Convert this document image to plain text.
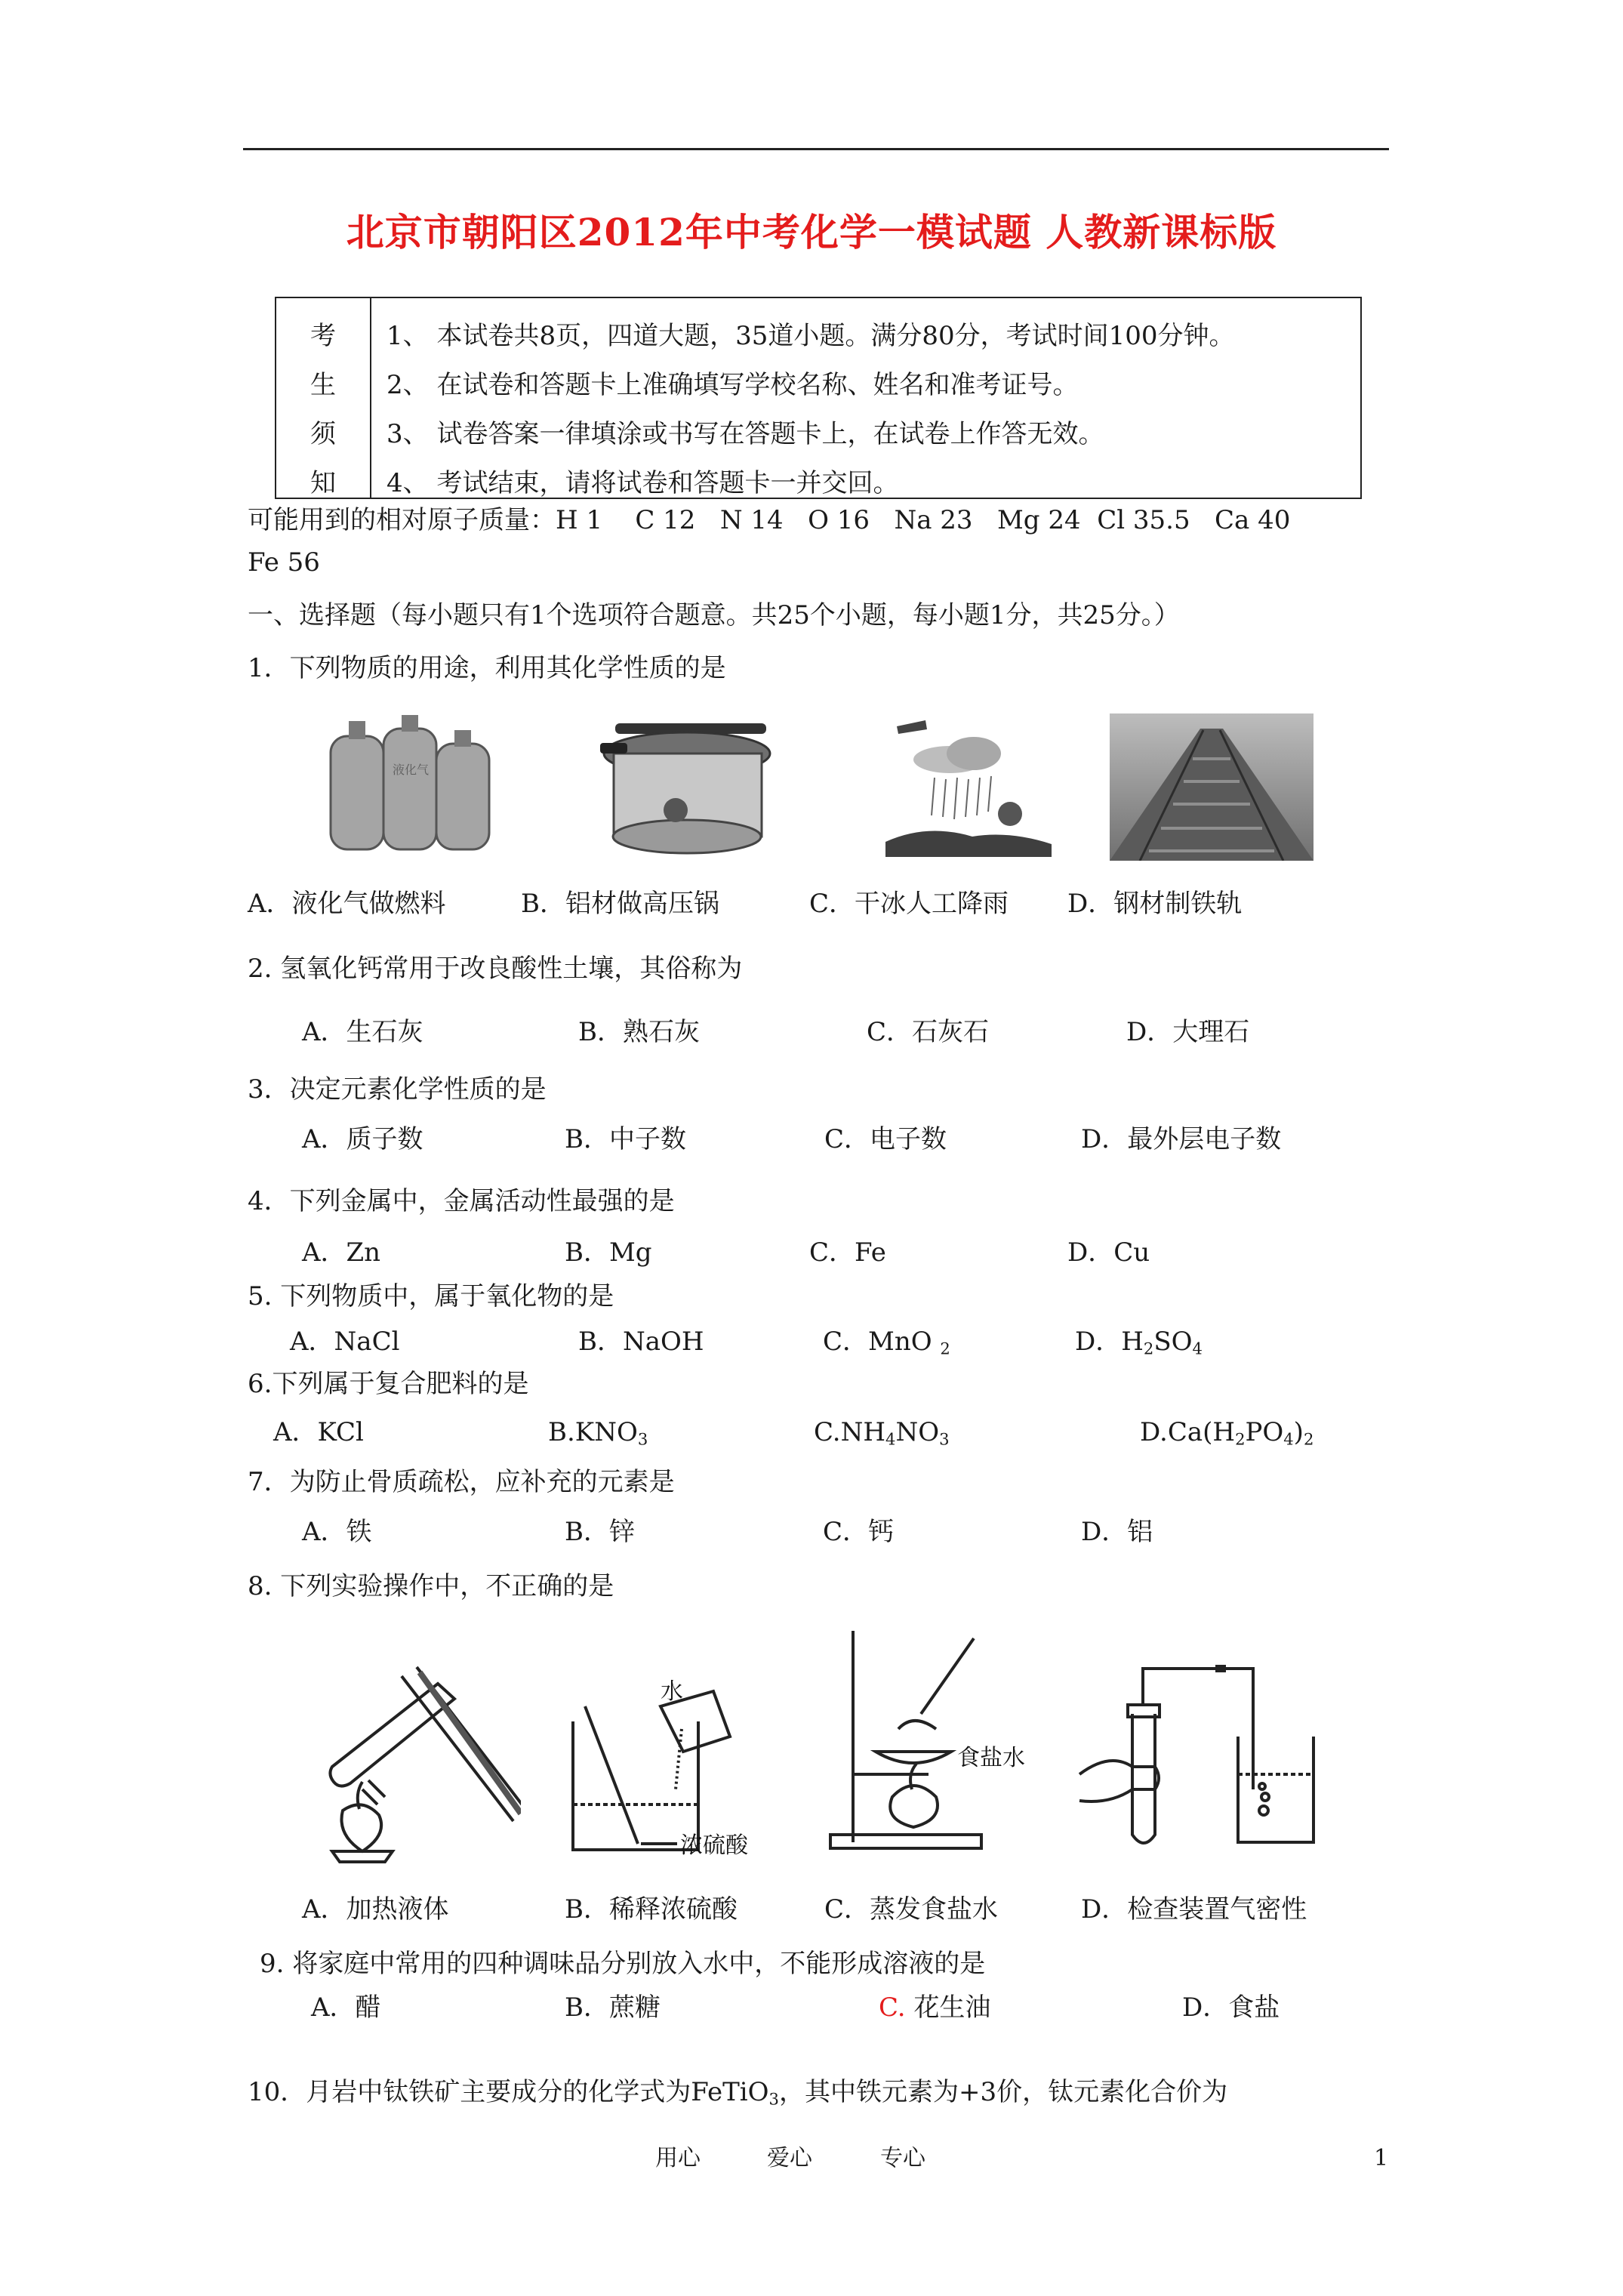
北京市朝阳区2012年中考化学一模试题 人教新课标版
考
生
须
知
1、 本试卷共8页，四道大题，35道小题。满分80分，考试时间100分钟。
2、 在试卷和答题卡上准确填写学校名称、姓名和准考证号。
3、 试卷答案一律填涂或书写在答题卡上，在试卷上作答无效。
4、 考试结束，请将试卷和答题卡一并交回。
可能用到的相对原子质量：H 1    C 12   N 14   O 16   Na 23   Mg 24  Cl 35.5   Ca 40
Fe 56
一、选择题（每小题只有1个选项符合题意。共25个小题，每小题1分，共25分。）
1．下列物质的用途，利用其化学性质的是
液化气
A．液化气做燃料	B．铝材做高压锅	C．干冰人工降雨 D．钢材制铁轨
2. 氢氧化钙常用于改良酸性土壤，其俗称为
A．生石灰	B．熟石灰	C．石灰石	D．大理石
3．决定元素化学性质的是
A．质子数	B．中子数	C．电子数	D．最外层电子数
4．下列金属中，金属活动性最强的是
A．Zn	B．Mg	C．Fe	D．Cu
5. 下列物质中，属于氧化物的是
A．NaCl	B．NaOH	C．MnO $_2$	D．$H_2SO_4$
6.下列属于复合肥料的是
A．KCl	$B.KNO_3$	$C.NH_4NO_3$	$D.Ca(H_2PO_4)_2$
7．为防止骨质疏松，应补充的元素是
A．铁	B．锌	C．钙	D．铝
8. 下列实验操作中，不正确的是
水
浓硫酸
食盐水
A．加热液体	B．稀释浓硫酸	C．蒸发食盐水	D．检查装置气密性
9. 将家庭中常用的四种调味品分别放入水中，不能形成溶液的是
A．醋	B．蔗糖	C. 花生油	D．食盐
10．月岩中钛铁矿主要成分的化学式为FeTiO$_3$，其中铁元素为+3价，钛元素化合价为
用心	爱心	专心	1
